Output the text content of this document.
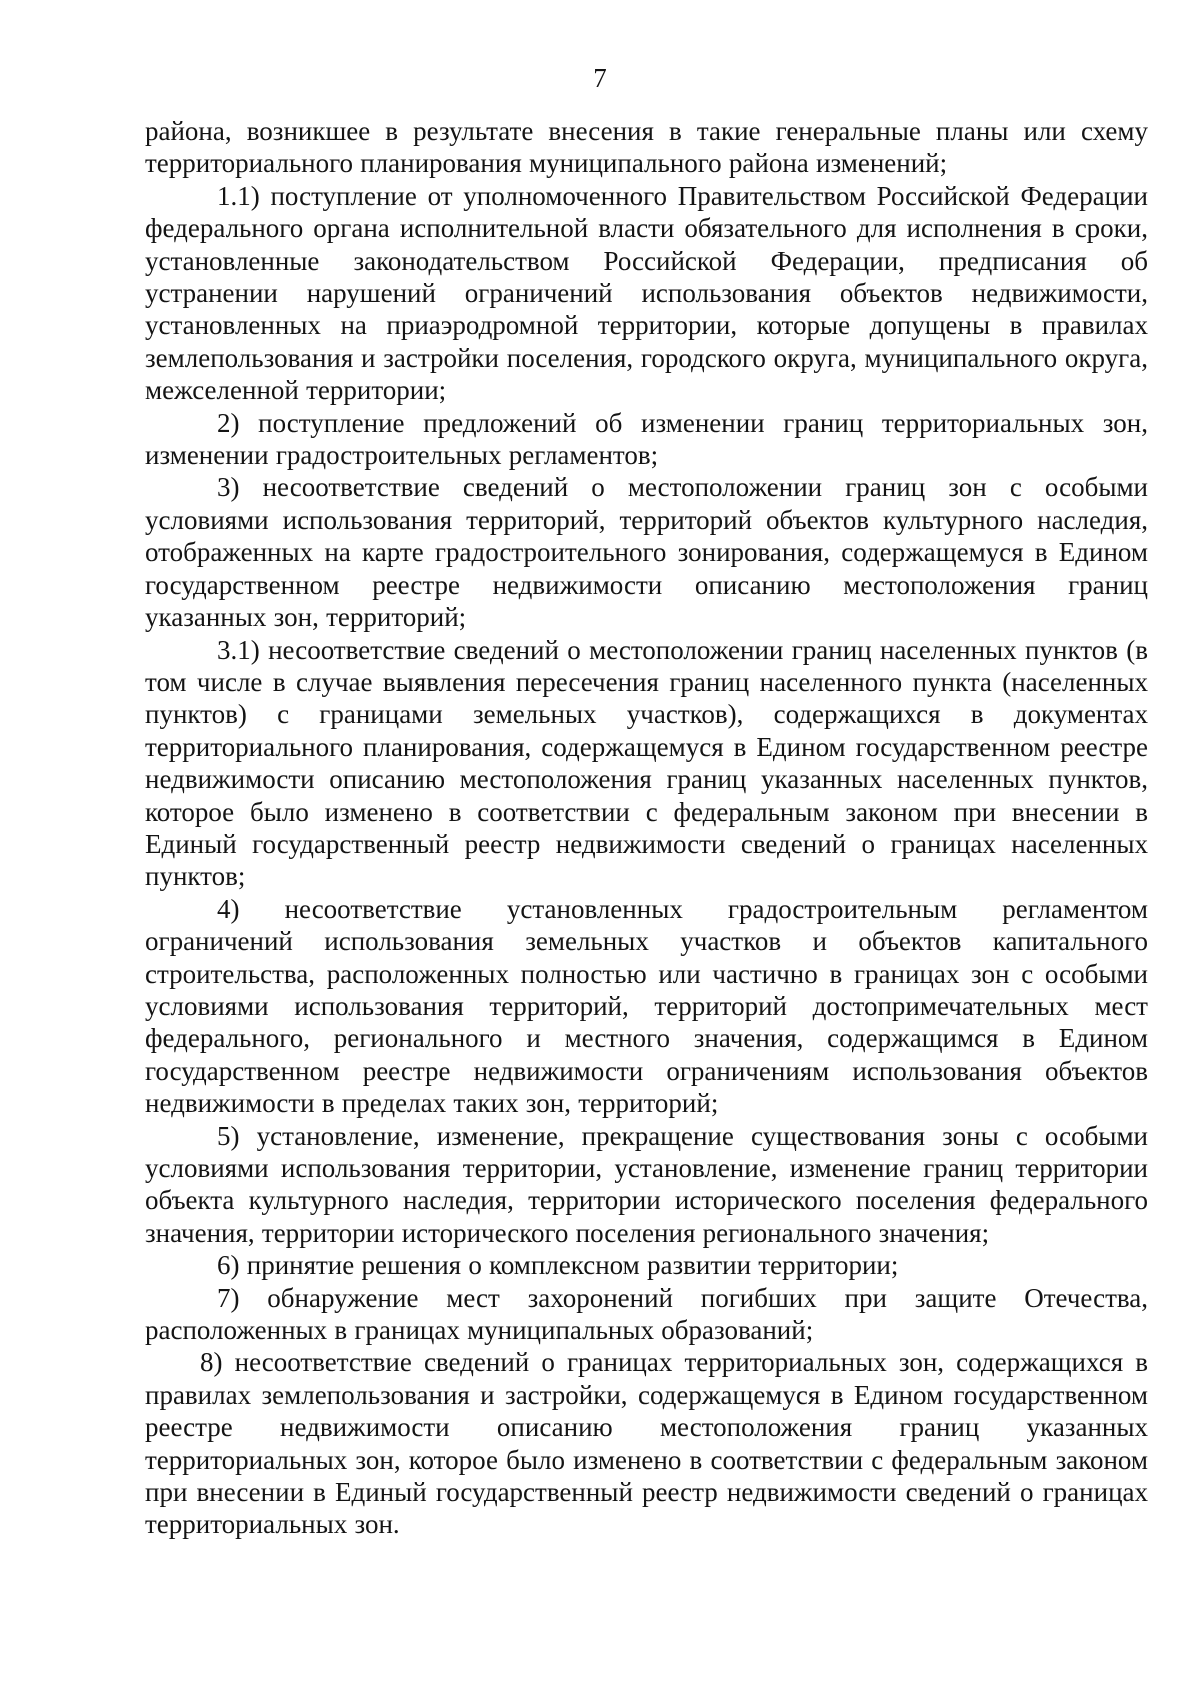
7

района, возникшее в результате внесения в такие генеральные планы или схему территориального планирования муниципального района изменений;

1.1) поступление от уполномоченного Правительством Российской Федерации федерального органа исполнительной власти обязательного для исполнения в сроки, установленные законодательством Российской Федерации, предписания об устранении нарушений ограничений использования объектов недвижимости, установленных на приаэродромной территории, которые допущены в правилах землепользования и застройки поселения, городского округа, муниципального округа, межселенной территории;

2) поступление предложений об изменении границ территориальных зон, изменении градостроительных регламентов;

3) несоответствие сведений о местоположении границ зон с особыми условиями использования территорий, территорий объектов культурного наследия, отображенных на карте градостроительного зонирования, содержащемуся в Едином государственном реестре недвижимости описанию местоположения границ указанных зон, территорий;

3.1) несоответствие сведений о местоположении границ населенных пунктов (в том числе в случае выявления пересечения границ населенного пункта (населенных пунктов) с границами земельных участков), содержащихся в документах территориального планирования, содержащемуся в Едином государственном реестре недвижимости описанию местоположения границ указанных населенных пунктов, которое было изменено в соответствии с федеральным законом при внесении в Единый государственный реестр недвижимости сведений о границах населенных пунктов;

4) несоответствие установленных градостроительным регламентом ограничений использования земельных участков и объектов капитального строительства, расположенных полностью или частично в границах зон с особыми условиями использования территорий, территорий достопримечательных мест федерального, регионального и местного значения, содержащимся в Едином государственном реестре недвижимости ограничениям использования объектов недвижимости в пределах таких зон, территорий;

5) установление, изменение, прекращение существования зоны с особыми условиями использования территории, установление, изменение границ территории объекта культурного наследия, территории исторического поселения федерального значения, территории исторического поселения регионального значения;

6) принятие решения о комплексном развитии территории;

7) обнаружение мест захоронений погибших при защите Отечества, расположенных в границах муниципальных образований;

8) несоответствие сведений о границах территориальных зон, содержащихся в правилах землепользования и застройки, содержащемуся в Едином государственном реестре недвижимости описанию местоположения границ указанных территориальных зон, которое было изменено в соответствии с федеральным законом при внесении в Единый государственный реестр недвижимости сведений о границах территориальных зон.
